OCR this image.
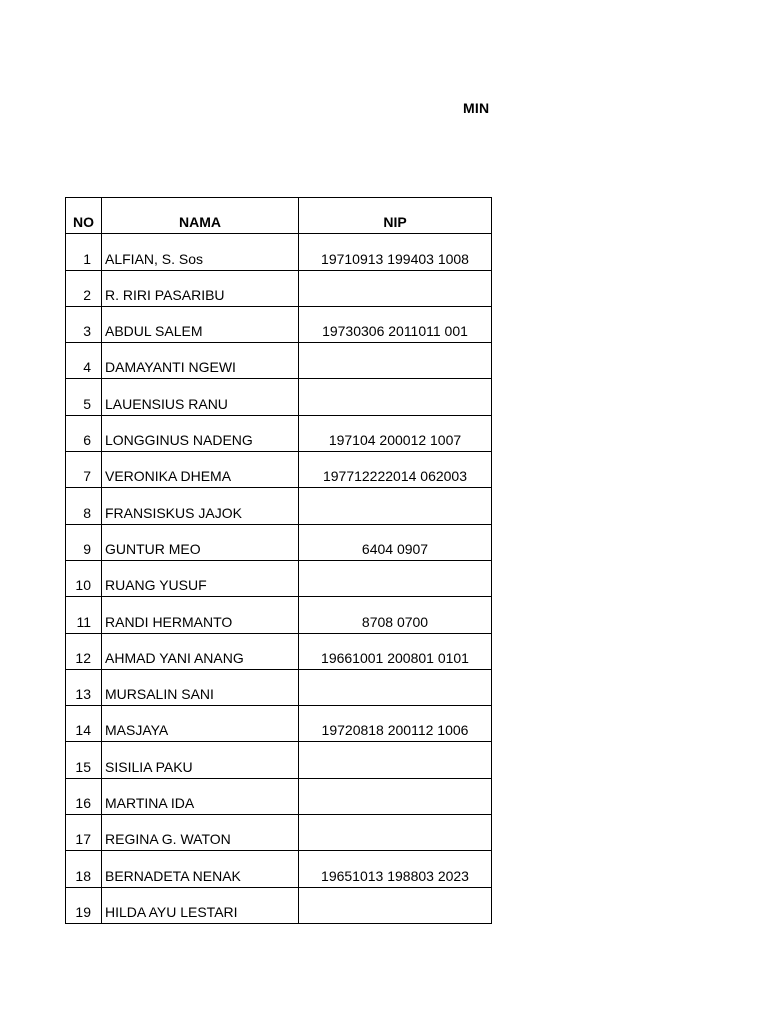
MIN
NO	NAMA	NIP
1	ALFIAN, S. Sos	19710913 199403 1008
2	R. RIRI PASARIBU	
3	ABDUL SALEM	19730306 2011011 001
4	DAMAYANTI NGEWI	
5	LAUENSIUS RANU	
6	LONGGINUS NADENG	197104 200012 1007
7	VERONIKA DHEMA	197712222014 062003
8	FRANSISKUS JAJOK	
9	GUNTUR MEO	6404 0907
10	RUANG YUSUF	
11	RANDI HERMANTO	8708 0700
12	AHMAD YANI ANANG	19661001 200801 0101
13	MURSALIN SANI	
14	MASJAYA	19720818 200112 1006
15	SISILIA PAKU	
16	MARTINA IDA	
17	REGINA G. WATON	
18	BERNADETA NENAK	19651013 198803 2023
19	HILDA AYU LESTARI	
